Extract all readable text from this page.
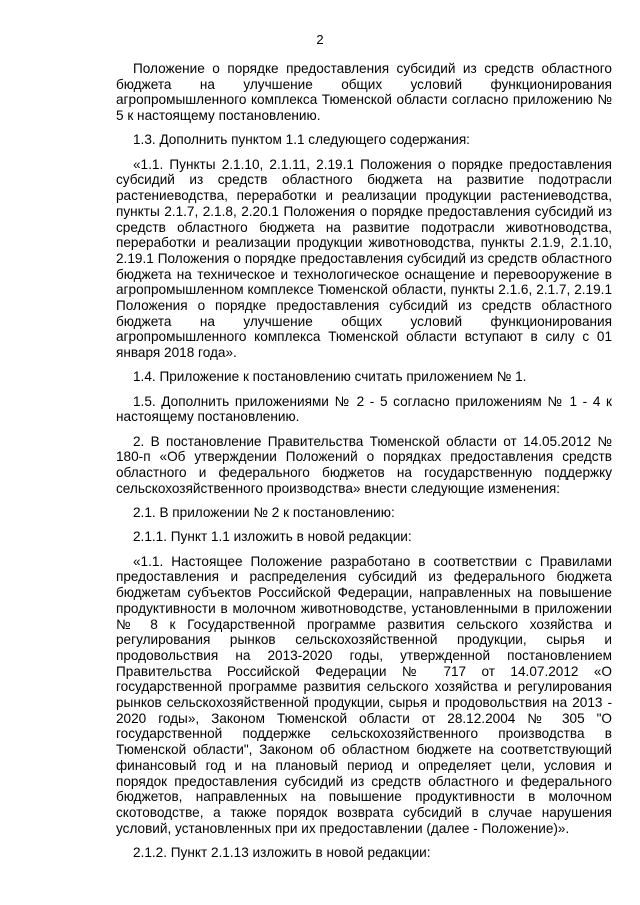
2

Положение о порядке предоставления субсидий из средств областного бюджета на улучшение общих условий функционирования агропромышленного комплекса Тюменской области согласно приложению № 5 к настоящему постановлению.

1.3. Дополнить пунктом 1.1 следующего содержания:

«1.1. Пункты 2.1.10, 2.1.11, 2.19.1 Положения о порядке предоставления субсидий из средств областного бюджета на развитие подотрасли растениеводства, переработки и реализации продукции растениеводства, пункты 2.1.7, 2.1.8, 2.20.1 Положения о порядке предоставления субсидий из средств областного бюджета на развитие подотрасли животноводства, переработки и реализации продукции животноводства, пункты 2.1.9, 2.1.10, 2.19.1 Положения о порядке предоставления субсидий из средств областного бюджета на техническое и технологическое оснащение и перевооружение в агропромышленном комплексе Тюменской области, пункты 2.1.6, 2.1.7, 2.19.1 Положения о порядке предоставления субсидий из средств областного бюджета на улучшение общих условий функционирования агропромышленного комплекса Тюменской области вступают в силу с 01 января 2018 года».

1.4. Приложение к постановлению считать приложением № 1.

1.5. Дополнить приложениями № 2 - 5 согласно приложениям № 1 - 4 к настоящему постановлению.

2. В постановление Правительства Тюменской области от 14.05.2012 № 180-п «Об утверждении Положений о порядках предоставления средств областного и федерального бюджетов на государственную поддержку сельскохозяйственного производства» внести следующие изменения:

2.1. В приложении № 2 к постановлению:

2.1.1. Пункт 1.1 изложить в новой редакции:

«1.1. Настоящее Положение разработано в соответствии с Правилами предоставления и распределения субсидий из федерального бюджета бюджетам субъектов Российской Федерации, направленных на повышение продуктивности в молочном животноводстве, установленными в приложении № 8 к Государственной программе развития сельского хозяйства и регулирования рынков сельскохозяйственной продукции, сырья и продовольствия на 2013-2020 годы, утвержденной постановлением Правительства Российской Федерации № 717 от 14.07.2012 «О государственной программе развития сельского хозяйства и регулирования рынков сельскохозяйственной продукции, сырья и продовольствия на 2013 - 2020 годы», Законом Тюменской области от 28.12.2004 № 305 "О государственной поддержке сельскохозяйственного производства в Тюменской области", Законом об областном бюджете на соответствующий финансовый год и на плановый период и определяет цели, условия и порядок предоставления субсидий из средств областного и федерального бюджетов, направленных на повышение продуктивности в молочном скотоводстве, а также порядок возврата субсидий в случае нарушения условий, установленных при их предоставлении (далее - Положение)».

2.1.2. Пункт 2.1.13 изложить в новой редакции:
